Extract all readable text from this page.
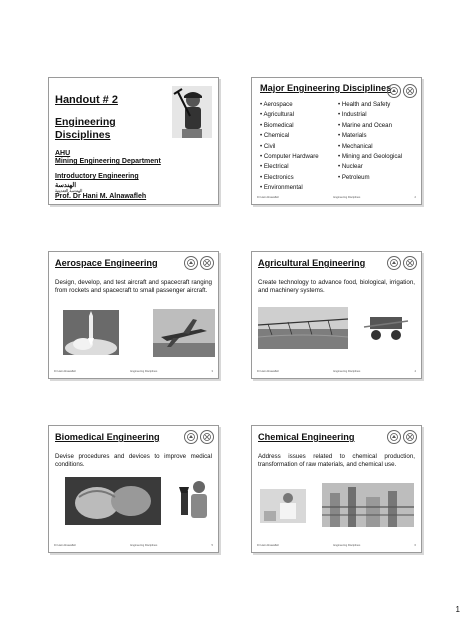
Handout # 2
Engineering
Disciplines
AHU
Mining Engineering Department
Introductory Engineering
الهندسة
الهندسة التعدينية
Prof. Dr Hani M. Alnawafleh
Major Engineering Disciplines
• Aerospace
• Agricultural
• Biomedical
• Chemical
• Civil
• Computer Hardware
• Electrical
• Electronics
• Environmental
• Health and Safety
• Industrial
• Marine and Ocean
• Materials
• Mechanical
• Mining and Geological
• Nuclear
• Petroleum
Dr Hani Alnawafleh	Engineering Disciplines	2
Aerospace Engineering
Design, develop, and test aircraft and spacecraft ranging from rockets and spacecraft to small passenger aircraft.
Dr Hani Alnawafleh	Engineering Disciplines	3
Agricultural Engineering
Create technology to advance food, biological, irrigation, and machinery systems.
Dr Hani Alnawafleh	Engineering Disciplines	4
Biomedical Engineering
Devise procedures and devices to improve medical conditions.
Dr Hani Alnawafleh	Engineering Disciplines	5
Chemical Engineering
Address issues related to chemical production, transformation of raw materials, and chemical use.
Dr Hani Alnawafleh	Engineering Disciplines	6
1
